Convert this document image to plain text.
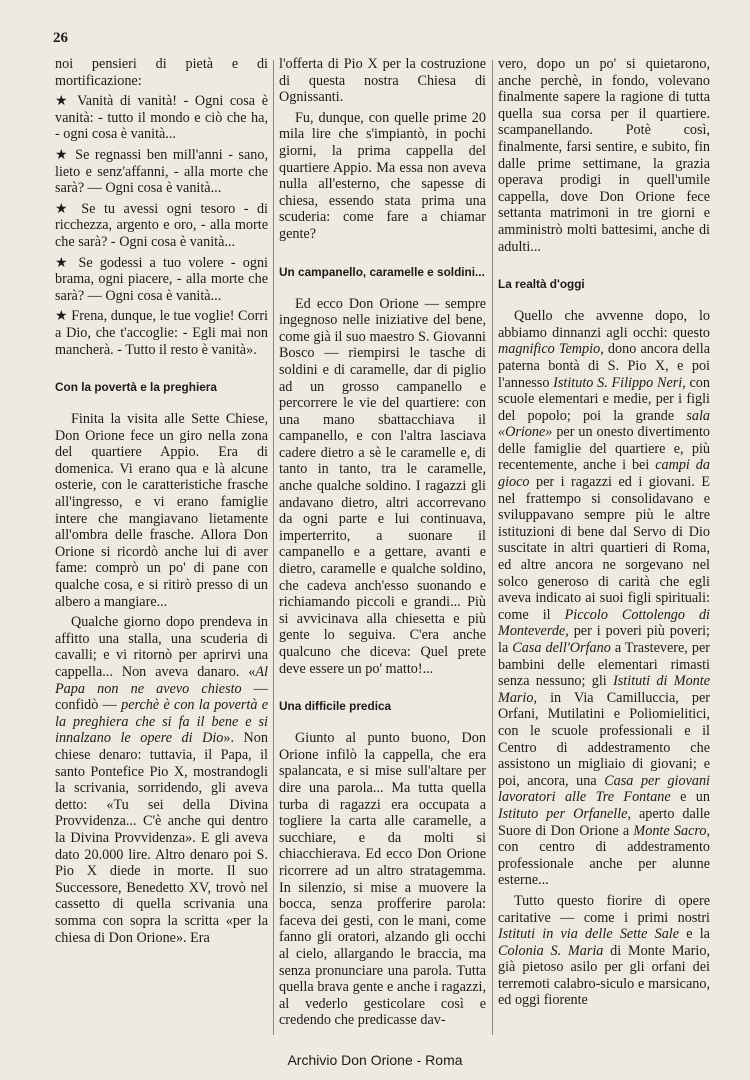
26

noi pensieri di pietà e di mortificazione:

★ Vanità di vanità! - Ogni cosa è vanità: - tutto il mondo e ciò che ha, - ogni cosa è vanità...

★ Se regnassi ben mill'anni - sano, lieto e senz'affanni, - alla morte che sarà? — Ogni cosa è vanità...

★ Se tu avessi ogni tesoro - di ricchezza, argento e oro, - alla morte che sarà? - Ogni cosa è vanità...

★ Se godessi a tuo volere - ogni brama, ogni piacere, - alla morte che sarà? — Ogni cosa è vanità...

★ Frena, dunque, le tue voglie! Corri a Dio, che t'accoglie: - Egli mai non mancherà. - Tutto il resto è vanità».

Con la povertà e la preghiera

Finita la visita alle Sette Chiese, Don Orione fece un giro nella zona del quartiere Appio. Era di domenica. Vi erano qua e là alcune osterie, con le caratteristiche frasche all'ingresso, e vi erano famiglie intere che mangiavano lietamente all'ombra delle frasche. Allora Don Orione si ricordò anche lui di aver fame: comprò un po' di pane con qualche cosa, e si ritirò presso di un albero a mangiare...

Qualche giorno dopo prendeva in affitto una stalla, una scuderia di cavalli; e vi ritornò per aprirvi una cappella... Non aveva danaro. «Al Papa non ne avevo chiesto — confidò — perchè è con la povertà e la preghiera che si fa il bene e si innalzano le opere di Dio». Non chiese denaro: tuttavia, il Papa, il santo Pontefice Pio X, mostrandogli la scrivania, sorridendo, gli aveva detto: «Tu sei della Divina Provvidenza... C'è anche qui dentro la Divina Provvidenza». E gli aveva dato 20.000 lire. Altro denaro poi S. Pio X diede in morte. Il suo Successore, Benedetto XV, trovò nel cassetto di quella scrivania una somma con sopra la scritta «per la chiesa di Don Orione». Era

l'offerta di Pio X per la costruzione di questa nostra Chiesa di Ognissanti.

Fu, dunque, con quelle prime 20 mila lire che s'impiantò, in pochi giorni, la prima cappella del quartiere Appio. Ma essa non aveva nulla all'esterno, che sapesse di chiesa, essendo stata prima una scuderia: come fare a chiamar gente?

Un campanello, caramelle e soldini...

Ed ecco Don Orione — sempre ingegnoso nelle iniziative del bene, come già il suo maestro S. Giovanni Bosco — riempirsi le tasche di soldini e di caramelle, dar di piglio ad un grosso campanello e percorrere le vie del quartiere: con una mano sbattacchiava il campanello, e con l'altra lasciava cadere dietro a sè le caramelle e, di tanto in tanto, tra le caramelle, anche qualche soldino. I ragazzi gli andavano dietro, altri accorrevano da ogni parte e lui continuava, imperterrito, a suonare il campanello e a gettare, avanti e dietro, caramelle e qualche soldino, che cadeva anch'esso suonando e richiamando piccoli e grandi... Più si avvicinava alla chiesetta e più gente lo seguiva. C'era anche qualcuno che diceva: Quel prete deve essere un po' matto!...

Una difficile predica

Giunto al punto buono, Don Orione infilò la cappella, che era spalancata, e si mise sull'altare per dire una parola... Ma tutta quella turba di ragazzi era occupata a togliere la carta alle caramelle, a succhiare, e da molti si chiacchierava. Ed ecco Don Orione ricorrere ad un altro stratagemma. In silenzio, si mise a muovere la bocca, senza profferire parola: faceva dei gesti, con le mani, come fanno gli oratori, alzando gli occhi al cielo, allargando le braccia, ma senza pronunciare una parola. Tutta quella brava gente e anche i ragazzi, al vederlo gesticolare così e credendo che predicasse dav-

vero, dopo un po' si quietarono, anche perchè, in fondo, volevano finalmente sapere la ragione di tutta quella sua corsa per il quartiere. scampanellando. Potè così, finalmente, farsi sentire, e subito, fin dalle prime settimane, la grazia operava prodigi in quell'umile cappella, dove Don Orione fece settanta matrimoni in tre giorni e amministrò molti battesimi, anche di adulti...

La realtà d'oggi

Quello che avvenne dopo, lo abbiamo dinnanzi agli occhi: questo magnifico Tempio, dono ancora della paterna bontà di S. Pio X, e poi l'annesso Istituto S. Filippo Neri, con scuole elementari e medie, per i figli del popolo; poi la grande sala «Orione» per un onesto divertimento delle famiglie del quartiere e, più recentemente, anche i bei campi da gioco per i ragazzi ed i giovani. E nel frattempo si consolidavano e sviluppavano sempre più le altre istituzioni di bene dal Servo di Dio suscitate in altri quartieri di Roma, ed altre ancora ne sorgevano nel solco generoso di carità che egli aveva indicato ai suoi figli spirituali: come il Piccolo Cottolengo di Monteverde, per i poveri più poveri; la Casa dell'Orfano a Trastevere, per bambini delle elementari rimasti senza nessuno; gli Istituti di Monte Mario, in Via Camilluccia, per Orfani, Mutilatini e Poliomielitici, con le scuole professionali e il Centro di addestramento che assistono un migliaio di giovani; e poi, ancora, una Casa per giovani lavoratori alle Tre Fontane e un Istituto per Orfanelle, aperto dalle Suore di Don Orione a Monte Sacro, con centro di addestramento professionale anche per alunne esterne...

Tutto questo fiorire di opere caritative — come i primi nostri Istituti in via delle Sette Sale e la Colonia S. Maria di Monte Mario, già pietoso asilo per gli orfani dei terremoti calabro-siculo e marsicano, ed oggi fiorente

Archivio Don Orione - Roma
